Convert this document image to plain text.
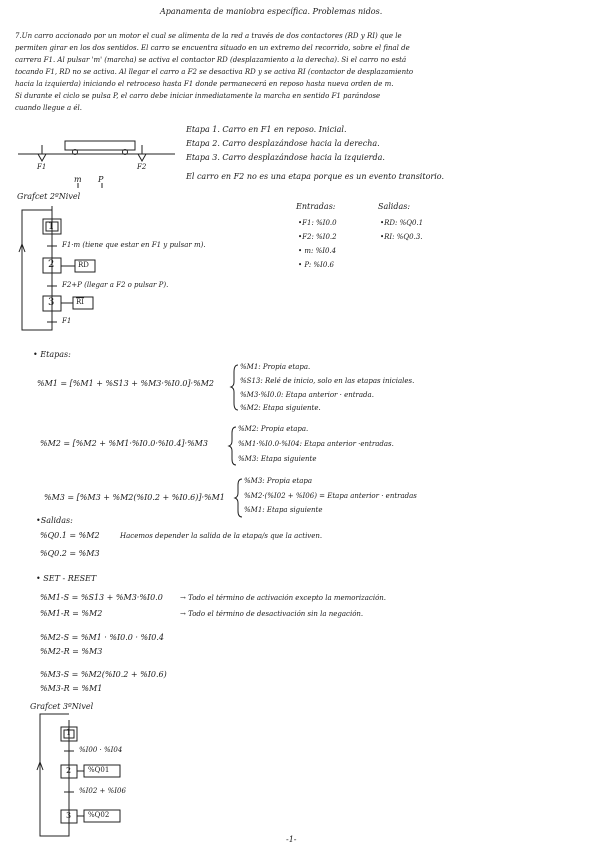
Apanamenta de maniobra específica. Problemas nidos.
7.Un carro accionado por un motor el cual se alimenta de la red a través de dos contactores (RD y RI) que le
permiten girar en los dos sentidos. El carro se encuentra situado en un extremo del recorrido, sobre el final de
carrera F1. Al pulsar 'm' (marcha) se activa el contactor RD (desplazamiento a la derecha). Si el carro no está
tocando F1, RD no se activa. Al llegar el carro a F2 se desactiva RD y se activa RI (contactor de desplazamiento
hacia la izquierda) iniciando el retroceso hasta F1 donde permanecerá en reposo hasta nueva orden de m.
Si durante el ciclo se pulsa P, el carro debe iniciar inmediatamente la marcha en sentido F1 parándose
cuando llegue a él.
F1	F2
m P
Etapa 1. Carro en F1 en reposo. Inicial.
Etapa 2. Carro desplazándose hacia la derecha.
Etapa 3. Carro desplazándose hacia la izquierda.
El carro en F2 no es una etapa porque es un evento transitorio.
Grafcet 2ºNivel
1
2
3
F1·m (tiene que estar en F1 y pulsar m).
F2+P (llegar a F2 o pulsar P).
F1
RD
$\overline{RI}$
Entradas:
•F1: %I0.0
•F2: %I0.2
• m: %I0.4
• P: %I0.6
Salidas:
•RD: %Q0.1
•RI: %Q0.3.
• Etapas:
%M1 = [%M1 + %S13 + %M3·%I0.0]·%M2
%M1: Propia etapa.
%S13: Relé de inicio, solo en las etapas iniciales.
%M3·%I0.0: Etapa anterior · entrada.
%M2: Etapa siguiente.
%M2 = [%M2 + %M1·%I0.0·%I0.4]·%M3
%M2: Propia etapa.
%M1·%I0.0·%I04: Etapa anterior ·entradas.
%M3: Etapa siguiente
%M3 = [%M3 + %M2(%I0.2 + %I0.6)]·%M1
%M3: Propia etapa
%M2·(%I02 + %I06) = Etapa anterior · entradas
%M1: Etapa siguiente
•Salidas:
%Q0.1 = %M2	Hacemos depender la salida de la etapa/s que la activen.
%Q0.2 = %M3
• SET - RESET
%M1-S = %S13 + %M3·%I0.0 → Todo el término de activación excepto la memorización.
%M1-R = %M2	→ Todo el término de desactivación sin la negación.
%M2-S = %M1 · %I0.0 · %I0.4
%M2-R = %M3
%M3-S = %M2(%I0.2 + %I0.6)
%M3-R = %M1
Grafcet 3ºNivel
1
2
3
%I00 · %I04
%I02 + %I06
%Q01
%Q02
-1-
